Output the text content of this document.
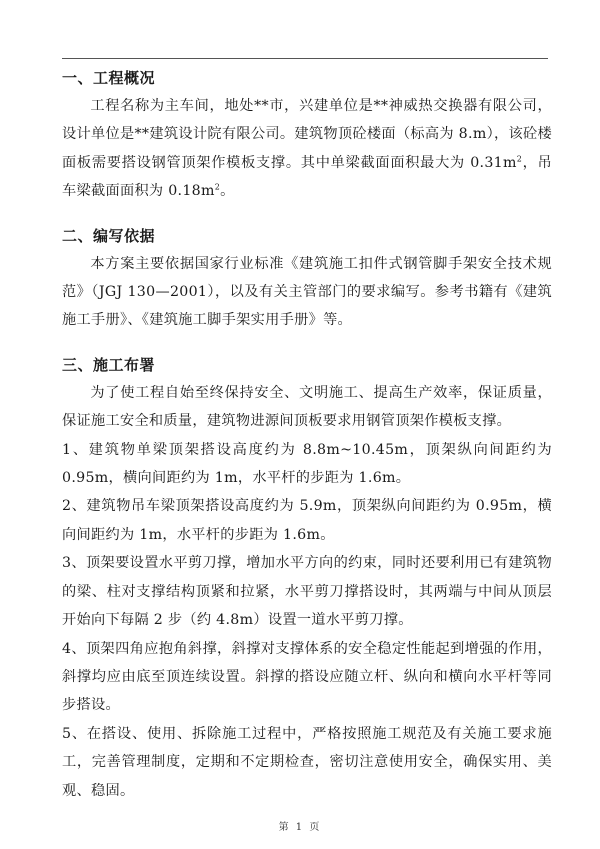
一、工程概况

工程名称为主车间，地处**市，兴建单位是**神威热交换器有限公司，设计单位是**建筑设计院有限公司。建筑物顶砼楼面（标高为 8.m），该砼楼面板需要搭设钢管顶架作模板支撑。其中单梁截面面积最大为 $0.31m^2$，吊车梁截面面积为 $0.18m^2$。

二、编写依据

本方案主要依据国家行业标准《建筑施工扣件式钢管脚手架安全技术规范》（JGJ 130—2001），以及有关主管部门的要求编写。参考书籍有《建筑施工手册》、《建筑施工脚手架实用手册》等。

三、施工布署

为了使工程自始至终保持安全、文明施工、提高生产效率，保证质量，保证施工安全和质量，建筑物进源间顶板要求用钢管顶架作模板支撑。

1、建筑物单梁顶架搭设高度约为 8.8m~10.45m，顶架纵向间距约为 0.95m，横向间距约为 1m，水平杆的步距为 1.6m。

2、建筑物吊车梁顶架搭设高度约为 5.9m，顶架纵向间距约为 0.95m，横向间距约为 1m，水平杆的步距为 1.6m。

3、顶架要设置水平剪刀撑，增加水平方向的约束，同时还要利用已有建筑物的梁、柱对支撑结构顶紧和拉紧，水平剪刀撑搭设时，其两端与中间从顶层开始向下每隔 2 步（约 4.8m）设置一道水平剪刀撑。

4、顶架四角应抱角斜撑，斜撑对支撑体系的安全稳定性能起到增强的作用，斜撑均应由底至顶连续设置。斜撑的搭设应随立杆、纵向和横向水平杆等同步搭设。

5、在搭设、使用、拆除施工过程中，严格按照施工规范及有关施工要求施工，完善管理制度，定期和不定期检查，密切注意使用安全，确保实用、美观、稳固。

第 1 页
